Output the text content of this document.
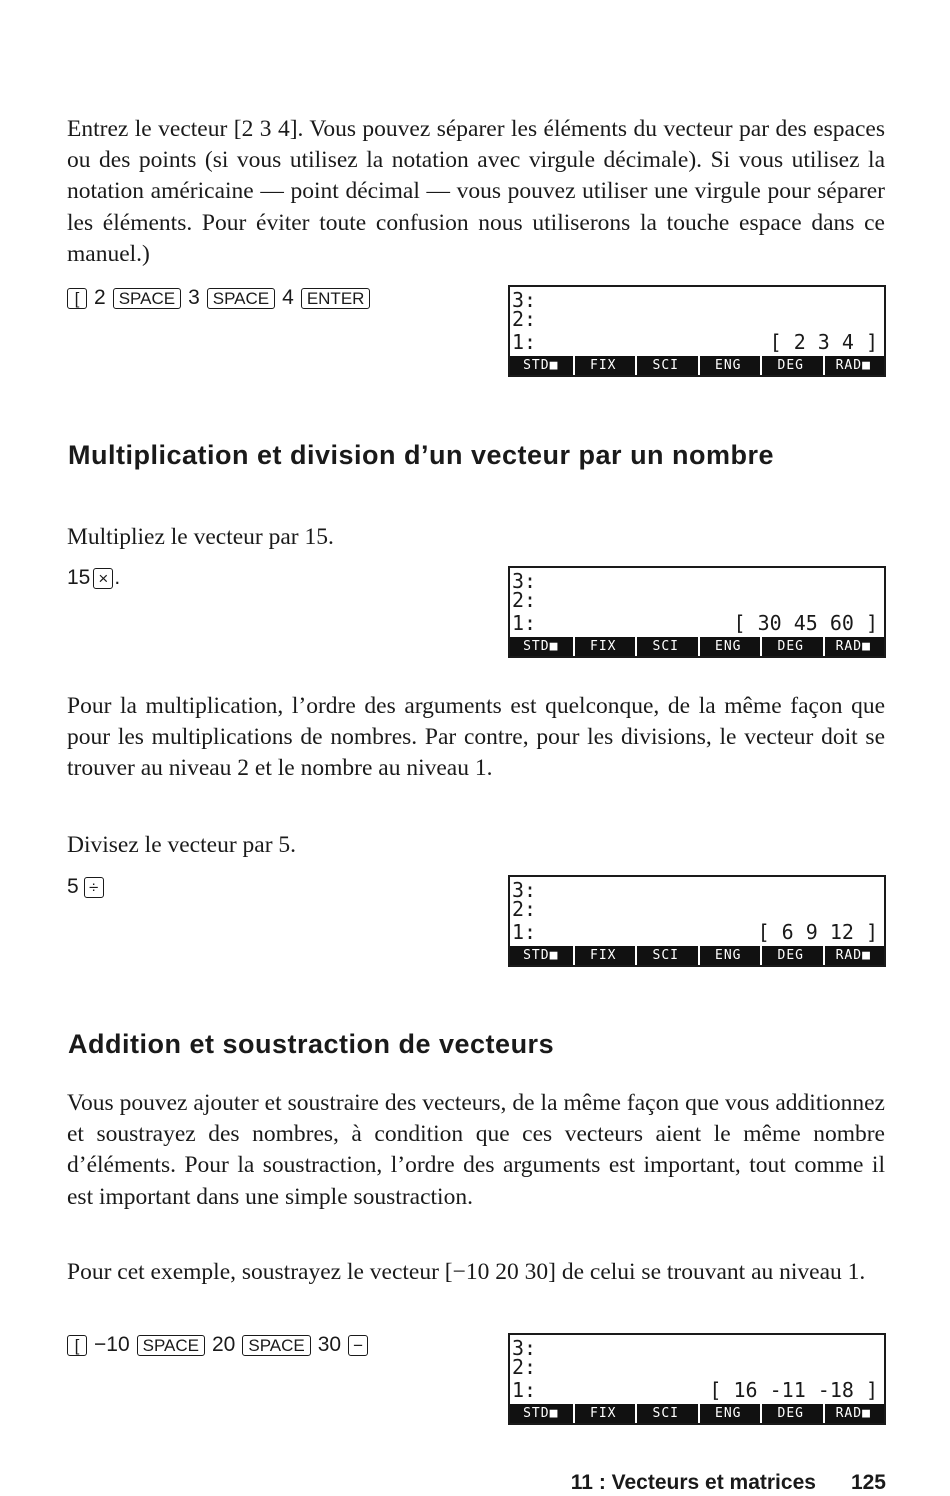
Entrez le vecteur [2 3 4]. Vous pouvez séparer les éléments du vecteur par des espaces ou des points (si vous utilisez la notation avec virgule décimale). Si vous utilisez la notation américaine — point décimal — vous pouvez utiliser une virgule pour séparer les éléments. Pour éviter toute confusion nous utiliserons la touche espace dans ce manuel.)

[ 2 SPACE 3 SPACE 4 ENTER	3:
2:
1:	[ 2 3 4 ]
STD■	FIX	SCI	ENG	DEG	RAD■
Multiplication et division d’un vecteur par un nombre

Multipliez le vecteur par 15.

15 × .	3:
2:
1:	[ 30 45 60 ]
STD■	FIX	SCI	ENG	DEG	RAD■

Pour la multiplication, l’ordre des arguments est quelconque, de la même façon que pour les multiplications de nombres. Par contre, pour les divisions, le vecteur doit se trouver au niveau 2 et le nombre au niveau 1.

Divisez le vecteur par 5.

5 ÷	3:
2:
1:	[ 6 9 12 ]
STD■	FIX	SCI	ENG	DEG	RAD■
Addition et soustraction de vecteurs

Vous pouvez ajouter et soustraire des vecteurs, de la même façon que vous additionnez et soustrayez des nombres, à condition que ces vecteurs aient le même nombre d’éléments. Pour la soustraction, l’ordre des arguments est important, tout comme il est important dans une simple soustraction.

Pour cet exemple, soustrayez le vecteur [−10 20 30] de celui se trouvant au niveau 1.

[ −10 SPACE 20 SPACE 30 −	3:
2:
1:	[ 16 -11 -18 ]
STD■	FIX	SCI	ENG	DEG	RAD■
11 : Vecteurs et matrices 125
